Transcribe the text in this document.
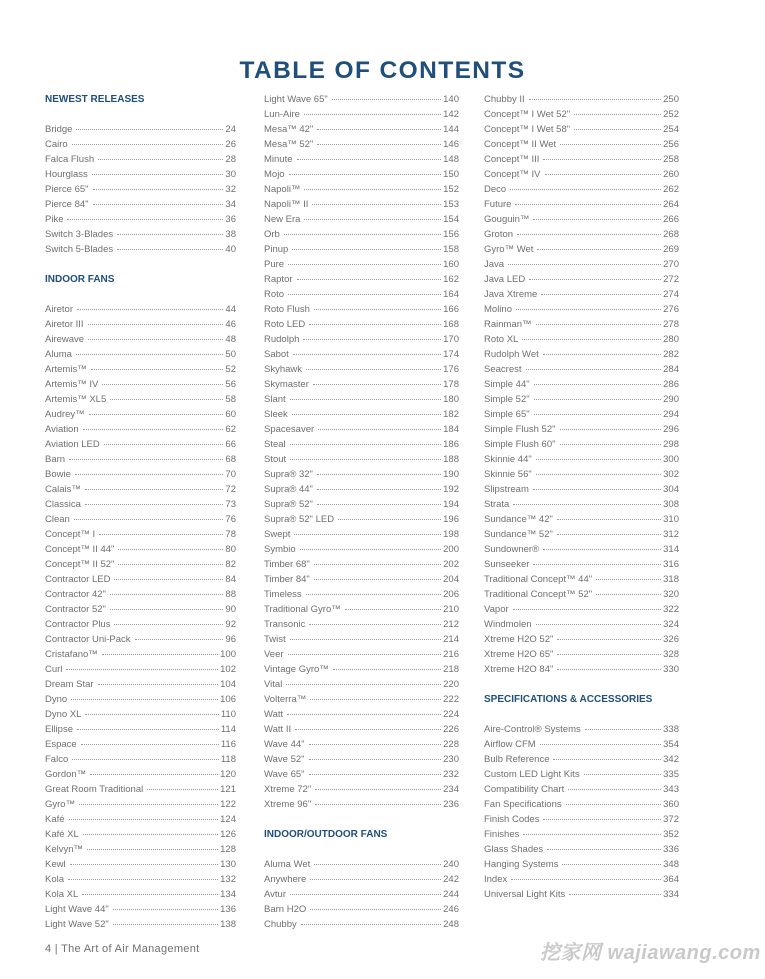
TABLE OF CONTENTS
NEWEST RELEASES
Bridge	24
Cairo	26
Falca Flush	28
Hourglass	30
Pierce 65"	32
Pierce 84"	34
Pike	36
Switch 3-Blades	38
Switch 5-Blades	40
INDOOR FANS
Airetor	44
Airetor III	46
Airewave	48
Aluma	50
Artemis™	52
Artemis™ IV	56
Artemis™ XL5	58
Audrey™	60
Aviation	62
Aviation LED	66
Barn	68
Bowie	70
Calais™	72
Classica	73
Clean	76
Concept™ I	78
Concept™ II 44"	80
Concept™ II 52"	82
Contractor LED	84
Contractor 42"	88
Contractor 52"	90
Contractor Plus	92
Contractor Uni-Pack	96
Cristafano™	100
Curl	102
Dream Star	104
Dyno	106
Dyno XL	110
Ellipse	114
Espace	116
Falco	118
Gordon™	120
Great Room Traditional	121
Gyro™	122
Kafé	124
Kafé XL	126
Kelvyn™	128
Kewl	130
Kola	132
Kola XL	134
Light Wave 44"	136
Light Wave 52"	138
Light Wave 65"	140
Lun-Aire	142
Mesa™ 42"	144
Mesa™ 52"	146
Minute	148
Mojo	150
Napoli™	152
Napoli™ II	153
New Era	154
Orb	156
Pinup	158
Pure	160
Raptor	162
Roto	164
Roto Flush	166
Roto LED	168
Rudolph	170
Sabot	174
Skyhawk	176
Skymaster	178
Slant	180
Sleek	182
Spacesaver	184
Steal	186
Stout	188
Supra® 32"	190
Supra® 44"	192
Supra® 52"	194
Supra® 52" LED	196
Swept	198
Symbio	200
Timber 68"	202
Timber 84"	204
Timeless	206
Traditional Gyro™	210
Transonic	212
Twist	214
Veer	216
Vintage Gyro™	218
Vital	220
Volterra™	222
Watt	224
Watt II	226
Wave 44"	228
Wave 52"	230
Wave 65"	232
Xtreme 72"	234
Xtreme 96"	236
INDOOR/OUTDOOR FANS
Aluma Wet	240
Anywhere	242
Avtur	244
Barn H2O	246
Chubby	248
Chubby II	250
Concept™ I Wet 52"	252
Concept™ I Wet 58"	254
Concept™ II Wet	256
Concept™ III	258
Concept™ IV	260
Deco	262
Future	264
Gouguin™	266
Groton	268
Gyro™ Wet	269
Java	270
Java LED	272
Java Xtreme	274
Molino	276
Rainman™	278
Roto XL	280
Rudolph Wet	282
Seacrest	284
Simple 44"	286
Simple 52"	290
Simple 65"	294
Simple Flush 52"	296
Simple Flush 60"	298
Skinnie 44"	300
Skinnie 56"	302
Slipstream	304
Strata	308
Sundance™ 42"	310
Sundance™ 52"	312
Sundowner®	314
Sunseeker	316
Traditional Concept™ 44"	318
Traditional Concept™ 52"	320
Vapor	322
Windmolen	324
Xtreme H2O 52"	326
Xtreme H2O 65"	328
Xtreme H2O 84"	330
SPECIFICATIONS & ACCESSORIES
Aire-Control® Systems	338
Airflow CFM	354
Bulb Reference	342
Custom LED Light Kits	335
Compatibility Chart	343
Fan Specifications	360
Finish Codes	372
Finishes	352
Glass Shades	336
Hanging Systems	348
Index	364
Universal Light Kits	334
4 | The Art of Air Management	挖家网 wajiawang.com
